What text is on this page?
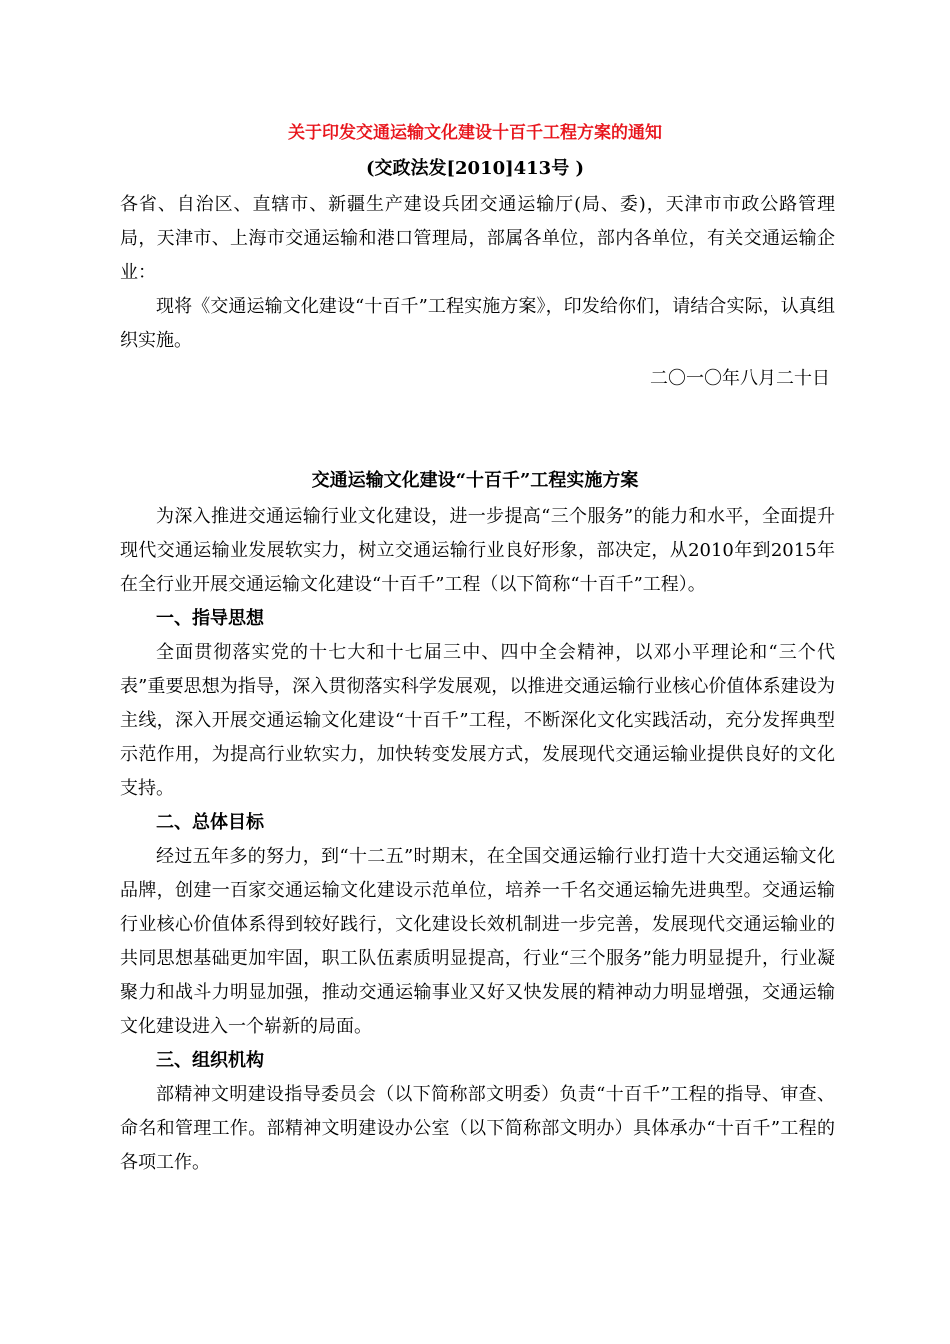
关于印发交通运输文化建设十百千工程方案的通知

(交政法发[2010]413号 )

各省、自治区、直辖市、新疆生产建设兵团交通运输厅(局、委)，天津市市政公路管理局，天津市、上海市交通运输和港口管理局，部属各单位，部内各单位，有关交通运输企业：

现将《交通运输文化建设“十百千”工程实施方案》，印发给你们，请结合实际，认真组织实施。

二〇一〇年八月二十日

交通运输文化建设“十百千”工程实施方案

为深入推进交通运输行业文化建设，进一步提高“三个服务”的能力和水平，全面提升现代交通运输业发展软实力，树立交通运输行业良好形象，部决定，从2010年到2015年在全行业开展交通运输文化建设“十百千”工程（以下简称“十百千”工程）。

一、指导思想

全面贯彻落实党的十七大和十七届三中、四中全会精神，以邓小平理论和“三个代表”重要思想为指导，深入贯彻落实科学发展观，以推进交通运输行业核心价值体系建设为主线，深入开展交通运输文化建设“十百千”工程，不断深化文化实践活动，充分发挥典型示范作用，为提高行业软实力，加快转变发展方式，发展现代交通运输业提供良好的文化支持。

二、总体目标

经过五年多的努力，到“十二五”时期末，在全国交通运输行业打造十大交通运输文化品牌，创建一百家交通运输文化建设示范单位，培养一千名交通运输先进典型。交通运输行业核心价值体系得到较好践行，文化建设长效机制进一步完善，发展现代交通运输业的共同思想基础更加牢固，职工队伍素质明显提高，行业“三个服务”能力明显提升，行业凝聚力和战斗力明显加强，推动交通运输事业又好又快发展的精神动力明显增强，交通运输文化建设进入一个崭新的局面。

三、组织机构

部精神文明建设指导委员会（以下简称部文明委）负责“十百千”工程的指导、审查、命名和管理工作。部精神文明建设办公室（以下简称部文明办）具体承办“十百千”工程的各项工作。
